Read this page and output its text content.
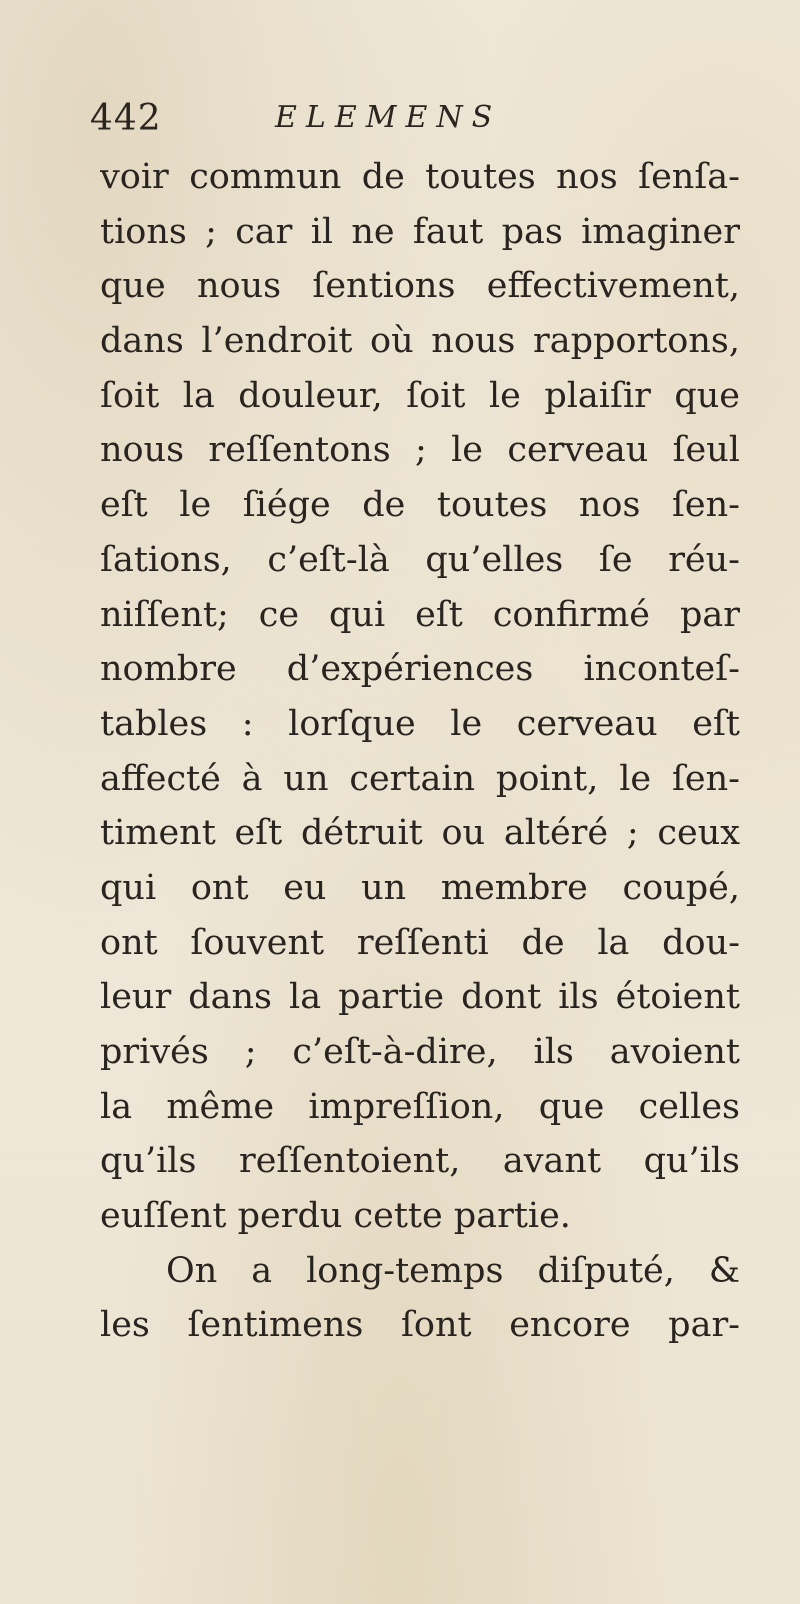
442	ELEMENS
voir commun de toutes nos ſenſa-
tions ; car il ne faut pas imaginer
que nous ſentions effectivement,
dans l’endroit où nous rapportons,
ſoit la douleur, ſoit le plaiſir que
nous reſſentons ; le cerveau ſeul
eſt le ſiége de toutes nos ſen-
ſations, c’eſt-là qu’elles ſe réu-
niſſent; ce qui eſt confirmé par
nombre d’expériences inconteſ-
tables : lorſque le cerveau eſt
affecté à un certain point, le ſen-
timent eſt détruit ou altéré ; ceux
qui ont eu un membre coupé,
ont ſouvent reſſenti de la dou-
leur dans la partie dont ils étoient
privés ; c’eſt-à-dire, ils avoient
la même impreſſion, que celles
qu’ils reſſentoient, avant qu’ils
euſſent perdu cette partie.
On a long-temps diſputé, &
les ſentimens ſont encore par-
